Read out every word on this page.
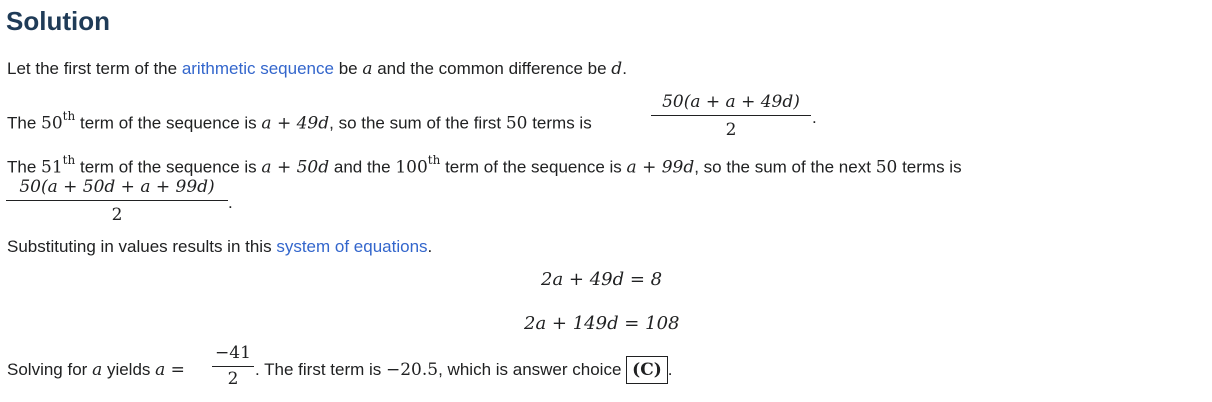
Solution
Let the first term of the arithmetic sequence be a and the common difference be d.
The 50th term of the sequence is a + 49d, so the sum of the first 50 terms is
50(a + a + 49d)
2
.
The 51th term of the sequence is a + 50d and the 100th term of the sequence is a + 99d, so the sum of the next 50 terms is
50(a + 50d + a + 99d)
2
.
Substituting in values results in this system of equations.
2a + 49d = 8
2a + 149d = 108
Solving for a yields a =
−41
2 . The first term is −20.5, which is answer choice (C) .
